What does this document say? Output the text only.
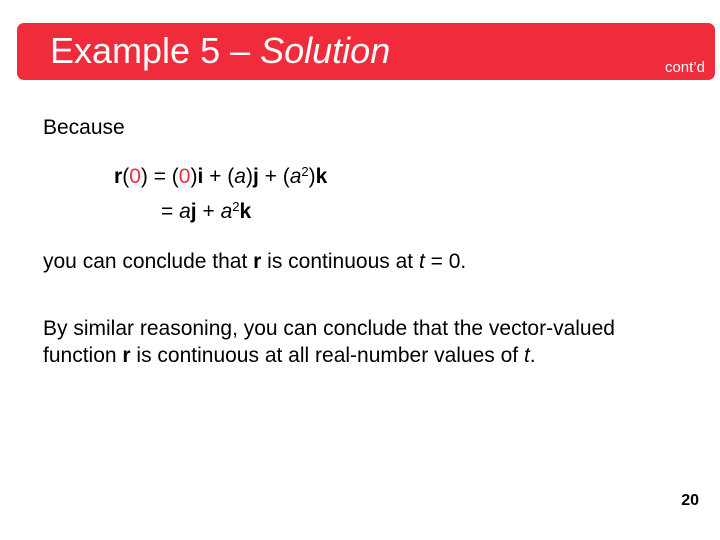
Example 5 – Solution	cont’d
Because
$r(0) = (0)i + (a)j + (a^2)k$
= aj + $a^2k$
you can conclude that r is continuous at t = 0.
By similar reasoning, you can conclude that the vector-valued
function r is continuous at all real-number values of t.
20
